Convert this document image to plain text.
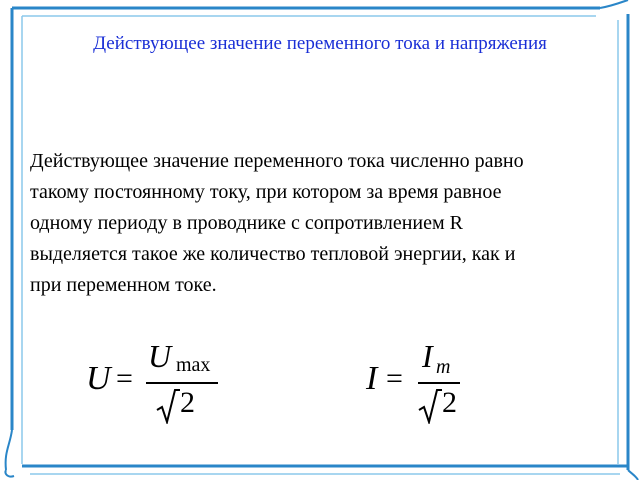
Действующее значение переменного тока и напряжения
Действующее значение переменного тока численно равно
такому постоянному току, при котором за время равное
одному периоду в проводнике с сопротивлением R
выделяется такое же количество тепловой энергии, как и
при переменном токе.
U =
U max
2
I =
I m
2
